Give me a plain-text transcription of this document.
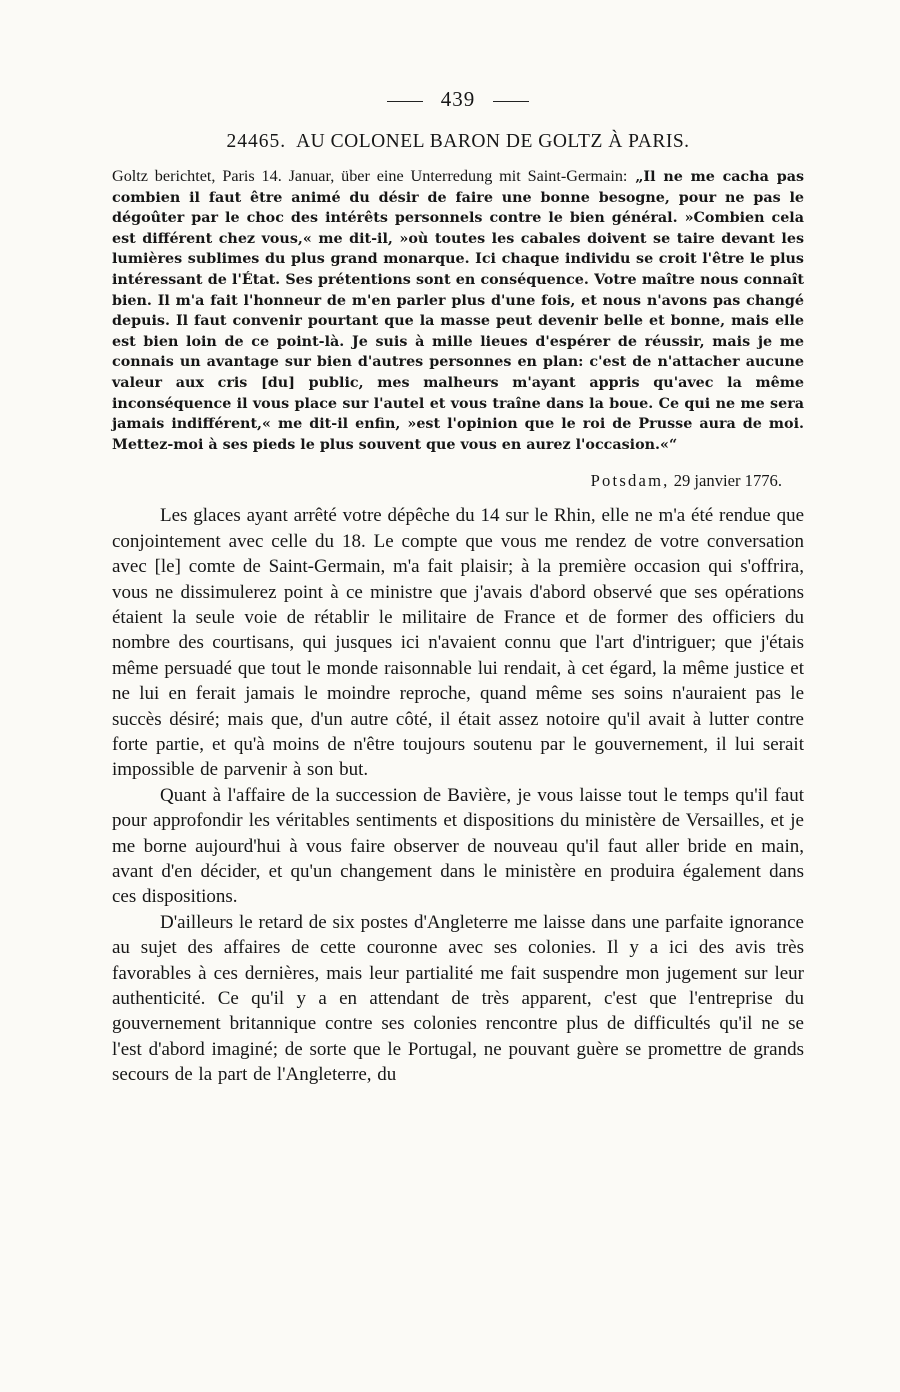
439
24465. AU COLONEL BARON DE GOLTZ À PARIS.
Goltz berichtet, Paris 14. Januar, über eine Unterredung mit Saint-Germain: „Il ne me cacha pas combien il faut être animé du désir de faire une bonne besogne, pour ne pas le dégoûter par le choc des intérêts personnels contre le bien général. »Combien cela est différent chez vous,« me dit-il, »où toutes les cabales doivent se taire devant les lumières sublimes du plus grand monarque. Ici chaque individu se croit l'être le plus intéressant de l'État. Ses prétentions sont en conséquence. Votre maître nous connaît bien. Il m'a fait l'honneur de m'en parler plus d'une fois, et nous n'avons pas changé depuis. Il faut convenir pourtant que la masse peut devenir belle et bonne, mais elle est bien loin de ce point-là. Je suis à mille lieues d'espérer de réussir, mais je me connais un avantage sur bien d'autres personnes en plan: c'est de n'attacher aucune valeur aux cris [du] public, mes malheurs m'ayant appris qu'avec la même inconséquence il vous place sur l'autel et vous traîne dans la boue. Ce qui ne me sera jamais indifférent,« me dit-il enfin, »est l'opinion que le roi de Prusse aura de moi. Mettez-moi à ses pieds le plus souvent que vous en aurez l'occasion.«“
Potsdam, 29 janvier 1776.

Les glaces ayant arrêté votre dépêche du 14 sur le Rhin, elle ne m'a été rendue que conjointement avec celle du 18. Le compte que vous me rendez de votre conversation avec [le] comte de Saint-Germain, m'a fait plaisir; à la première occasion qui s'offrira, vous ne dissimulerez point à ce ministre que j'avais d'abord observé que ses opérations étaient la seule voie de rétablir le militaire de France et de former des officiers du nombre des courtisans, qui jusques ici n'avaient connu que l'art d'intriguer; que j'étais même persuadé que tout le monde raisonnable lui rendait, à cet égard, la même justice et ne lui en ferait jamais le moindre reproche, quand même ses soins n'auraient pas le succès désiré; mais que, d'un autre côté, il était assez notoire qu'il avait à lutter contre forte partie, et qu'à moins de n'être toujours soutenu par le gouvernement, il lui serait impossible de parvenir à son but.

Quant à l'affaire de la succession de Bavière, je vous laisse tout le temps qu'il faut pour approfondir les véritables sentiments et dispositions du ministère de Versailles, et je me borne aujourd'hui à vous faire observer de nouveau qu'il faut aller bride en main, avant d'en décider, et qu'un changement dans le ministère en produira également dans ces dispositions.

D'ailleurs le retard de six postes d'Angleterre me laisse dans une parfaite ignorance au sujet des affaires de cette couronne avec ses colonies. Il y a ici des avis très favorables à ces dernières, mais leur partialité me fait suspendre mon jugement sur leur authenticité. Ce qu'il y a en attendant de très apparent, c'est que l'entreprise du gouvernement britannique contre ses colonies rencontre plus de difficultés qu'il ne se l'est d'abord imaginé; de sorte que le Portugal, ne pouvant guère se promettre de grands secours de la part de l'Angleterre, du
